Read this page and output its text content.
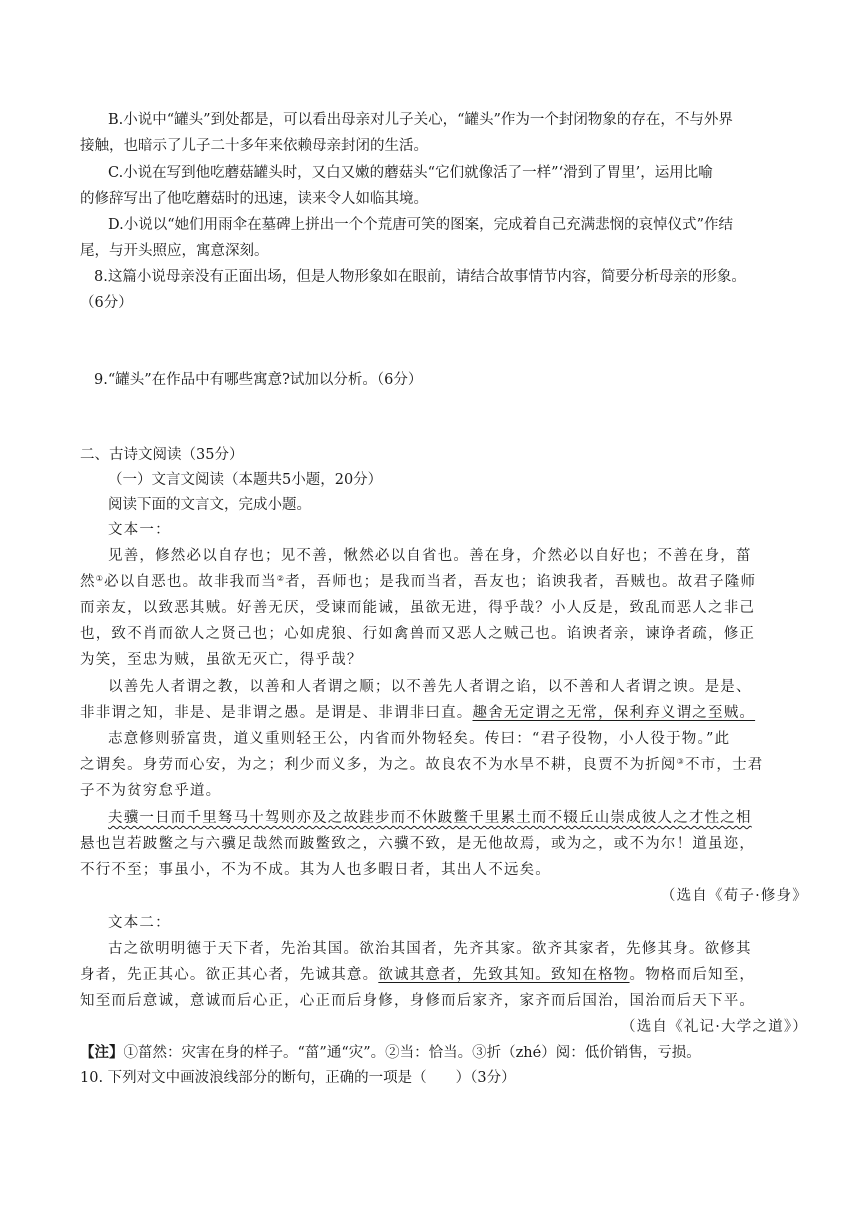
B.小说中“罐头”到处都是，可以看出母亲对儿子关心，“罐头”作为一个封闭物象的存在，不与外界
接触，也暗示了儿子二十多年来依赖母亲封闭的生活。
C.小说在写到他吃蘑菇罐头时，又白又嫩的蘑菇头“它们就像活了一样”‘滑到了胃里’，运用比喻
的修辞写出了他吃蘑菇时的迅速，读来令人如临其境。
D.小说以“她们用雨伞在墓碑上拼出一个个荒唐可笑的图案，完成着自己充满悲悯的哀悼仪式”作结
尾，与开头照应，寓意深刻。
8.这篇小说母亲没有正面出场，但是人物形象如在眼前，请结合故事情节内容，简要分析母亲的形象。
（6分）
9.“罐头”在作品中有哪些寓意?试加以分析。（6分）
二、古诗文阅读（35分）
（一）文言文阅读（本题共5小题，20分）
阅读下面的文言文，完成小题。
文本一：
见善，修然必以自存也；见不善，愀然必以自省也。善在身，介然必以自好也；不善在身，菑
然①必以自恶也。故非我而当②者，吾师也；是我而当者，吾友也；谄谀我者，吾贼也。故君子隆师
而亲友，以致恶其贼。好善无厌，受谏而能诫，虽欲无进，得乎哉？小人反是，致乱而恶人之非己
也，致不肖而欲人之贤己也；心如虎狼、行如禽兽而又恶人之贼己也。谄谀者亲，谏诤者疏，修正
为笑，至忠为贼，虽欲无灭亡，得乎哉？
以善先人者谓之教，以善和人者谓之顺；以不善先人者谓之谄，以不善和人者谓之谀。是是、
非非谓之知，非是、是非谓之愚。是谓是、非谓非曰直。趣舍无定谓之无常，保利弃义谓之至贼。
志意修则骄富贵，道义重则轻王公，内省而外物轻矣。传曰：“君子役物，小人役于物。”此
之谓矣。身劳而心安，为之；利少而义多，为之。故良农不为水旱不耕，良贾不为折阅③不市，士君
子不为贫穷怠乎道。
夫骥一日而千里驽马十驾则亦及之故跬步而不休跛鳖千里累土而不辍丘山崇成彼人之才性之相
悬也岂若跛鳖之与六骥足哉然而跛鳖致之，六骥不致，是无他故焉，或为之，或不为尔！道虽迩，
不行不至；事虽小，不为不成。其为人也多暇日者，其出人不远矣。
（选自《荀子·修身》
文本二：
古之欲明明德于天下者，先治其国。欲治其国者，先齐其家。欲齐其家者，先修其身。欲修其
身者，先正其心。欲正其心者，先诚其意。欲诚其意者，先致其知。致知在格物。物格而后知至，
知至而后意诚，意诚而后心正，心正而后身修，身修而后家齐，家齐而后国治，国治而后天下平。
（选自《礼记·大学之道》）
【注】①菑然：灾害在身的样子。“菑”通“灾”。②当：恰当。③折（zhé）阅：低价销售，亏损。
10. 下列对文中画波浪线部分的断句，正确的一项是（　　）（3分）
